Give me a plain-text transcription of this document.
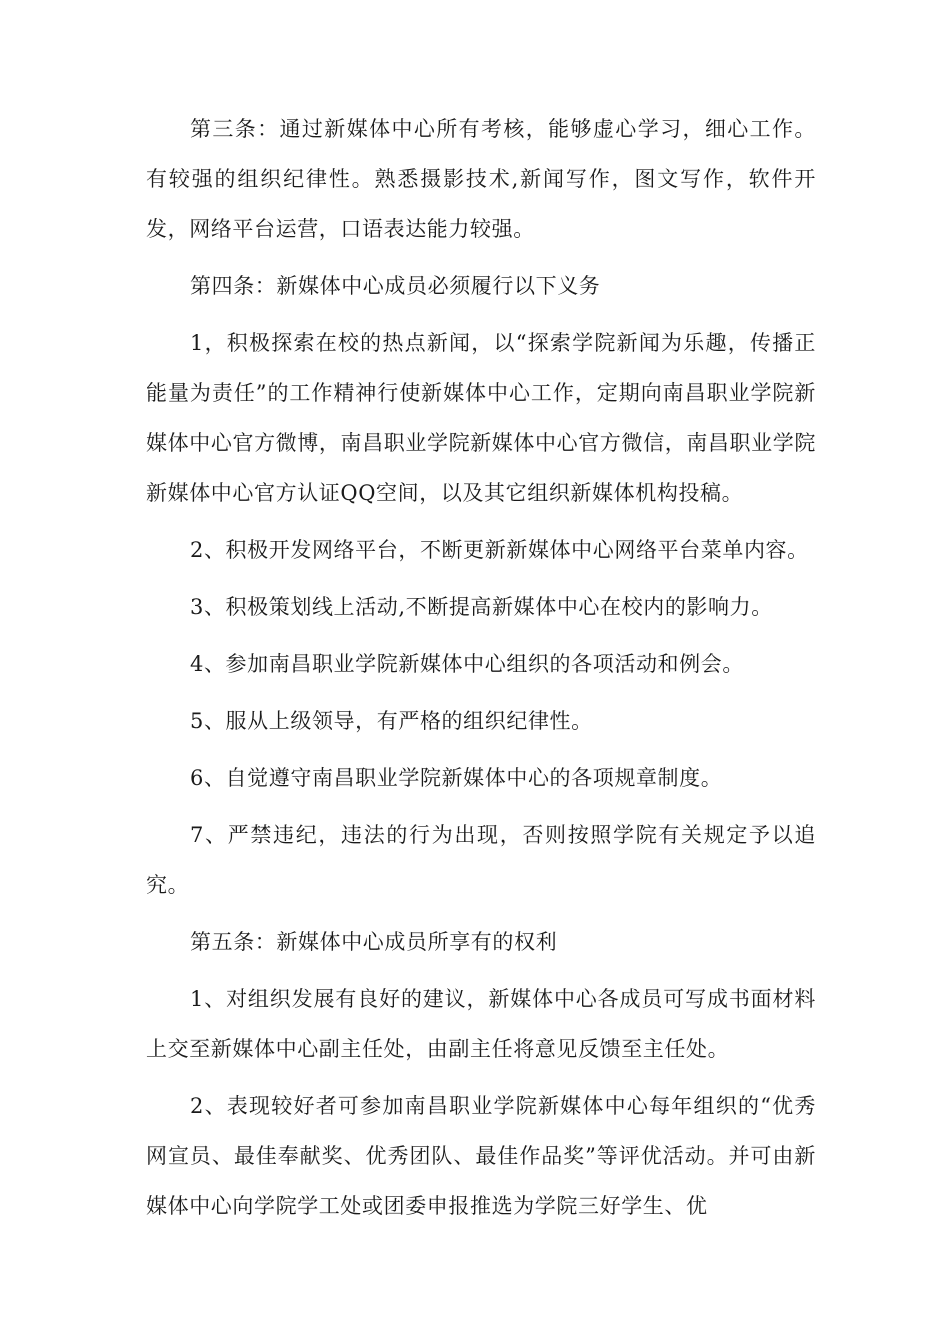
第三条：通过新媒体中心所有考核，能够虚心学习，细心工作。有较强的组织纪律性。熟悉摄影技术,新闻写作，图文写作，软件开发，网络平台运营，口语表达能力较强。

第四条：新媒体中心成员必须履行以下义务

1，积极探索在校的热点新闻，以“探索学院新闻为乐趣，传播正能量为责任”的工作精神行使新媒体中心工作，定期向南昌职业学院新媒体中心官方微博，南昌职业学院新媒体中心官方微信，南昌职业学院新媒体中心官方认证QQ空间，以及其它组织新媒体机构投稿。

2、积极开发网络平台，不断更新新媒体中心网络平台菜单内容。

3、积极策划线上活动,不断提高新媒体中心在校内的影响力。

4、参加南昌职业学院新媒体中心组织的各项活动和例会。

5、服从上级领导，有严格的组织纪律性。

6、自觉遵守南昌职业学院新媒体中心的各项规章制度。

7、严禁违纪，违法的行为出现，否则按照学院有关规定予以追究。

第五条：新媒体中心成员所享有的权利

1、对组织发展有良好的建议，新媒体中心各成员可写成书面材料上交至新媒体中心副主任处，由副主任将意见反馈至主任处。

2、表现较好者可参加南昌职业学院新媒体中心每年组织的“优秀网宣员、最佳奉献奖、优秀团队、最佳作品奖”等评优活动。并可由新媒体中心向学院学工处或团委申报推选为学院三好学生、优
